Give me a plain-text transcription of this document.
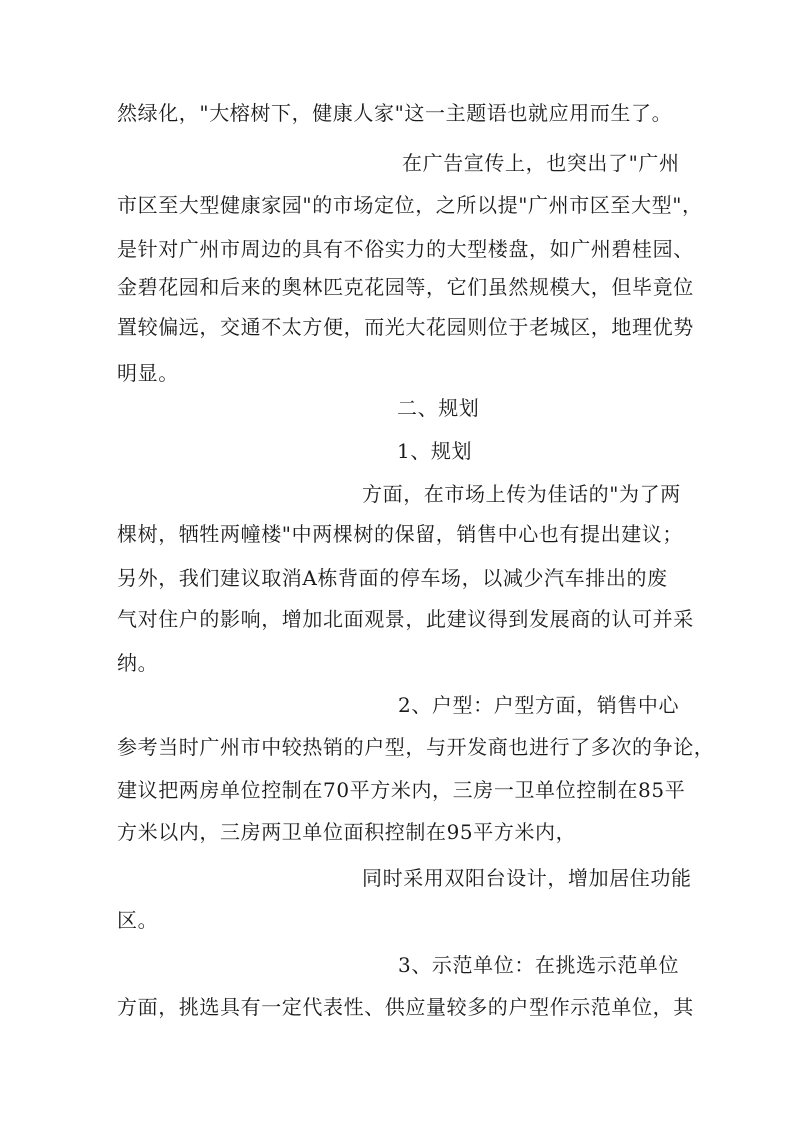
然绿化，"大榕树下，健康人家"这一主题语也就应用而生了。
在广告宣传上，也突出了"广州
市区至大型健康家园"的市场定位，之所以提"广州市区至大型"，
是针对广州市周边的具有不俗实力的大型楼盘，如广州碧桂园、
金碧花园和后来的奥林匹克花园等，它们虽然规模大，但毕竟位
置较偏远，交通不太方便，而光大花园则位于老城区，地理优势
明显。
二、规划
1、规划
方面，在市场上传为佳话的"为了两
棵树，牺牲两幢楼"中两棵树的保留，销售中心也有提出建议；
另外，我们建议取消A栋背面的停车场，以减少汽车排出的废
气对住户的影响，增加北面观景，此建议得到发展商的认可并采
纳。
2、户型：户型方面，销售中心
参考当时广州市中较热销的户型，与开发商也进行了多次的争论，
建议把两房单位控制在70平方米内，三房一卫单位控制在85平
方米以内，三房两卫单位面积控制在95平方米内，
同时采用双阳台设计，增加居住功能
区。
3、示范单位：在挑选示范单位
方面，挑选具有一定代表性、供应量较多的户型作示范单位，其
